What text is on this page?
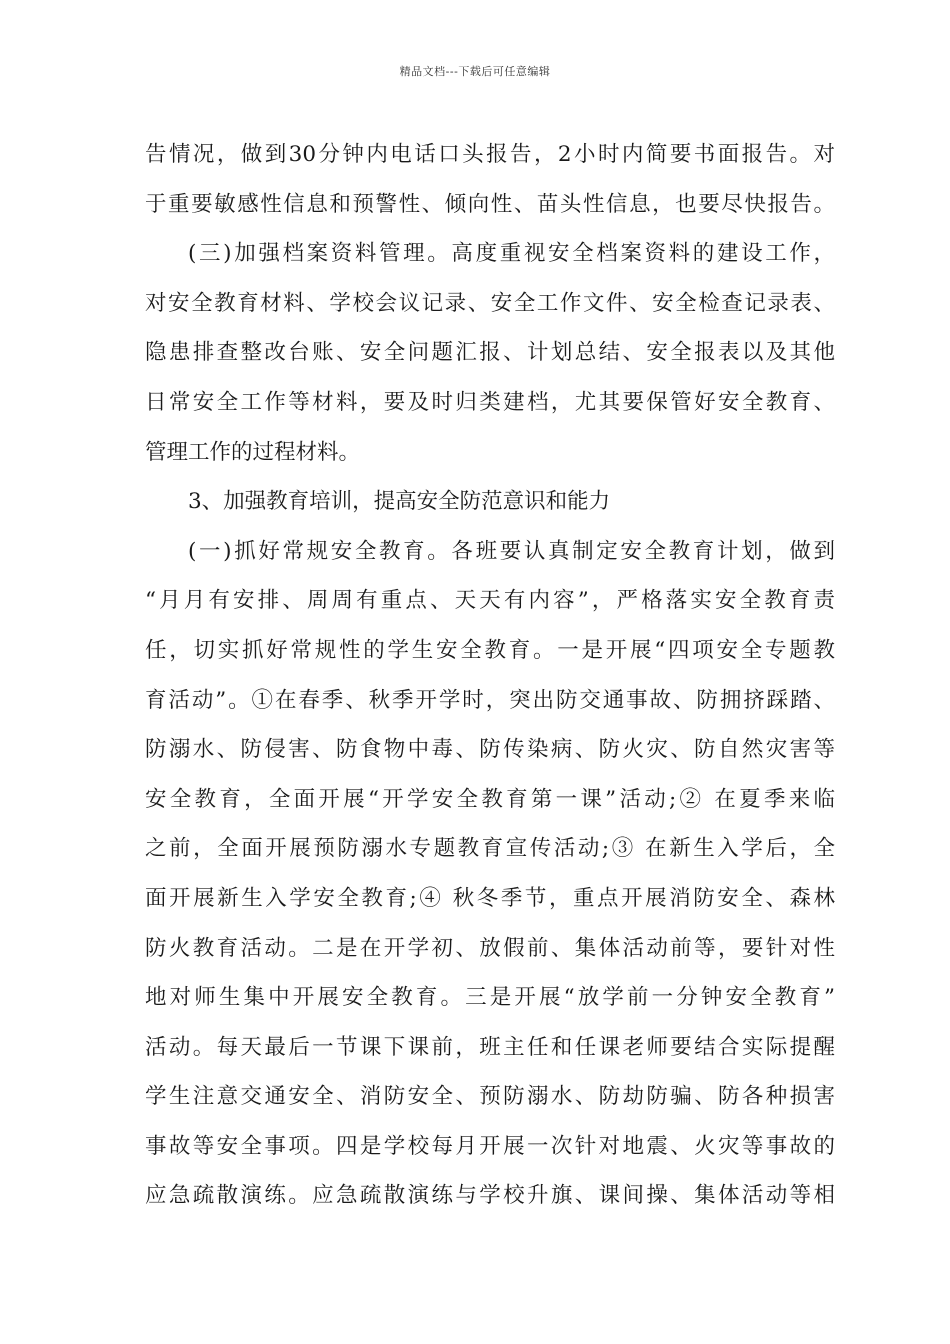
精品文档---下载后可任意编辑
告情况，做到30分钟内电话口头报告，2小时内简要书面报告。对
于重要敏感性信息和预警性、倾向性、苗头性信息，也要尽快报告。
(三)加强档案资料管理。高度重视安全档案资料的建设工作，
对安全教育材料、学校会议记录、安全工作文件、安全检查记录表、
隐患排查整改台账、安全问题汇报、计划总结、安全报表以及其他
日常安全工作等材料，要及时归类建档，尤其要保管好安全教育、
管理工作的过程材料。
3、加强教育培训，提高安全防范意识和能力
(一)抓好常规安全教育。各班要认真制定安全教育计划，做到
“月月有安排、周周有重点、天天有内容”，严格落实安全教育责
任，切实抓好常规性的学生安全教育。一是开展“四项安全专题教
育活动”。①在春季、秋季开学时，突出防交通事故、防拥挤踩踏、
防溺水、防侵害、防食物中毒、防传染病、防火灾、防自然灾害等
安全教育，全面开展“开学安全教育第一课”活动;② 在夏季来临
之前，全面开展预防溺水专题教育宣传活动;③ 在新生入学后，全
面开展新生入学安全教育;④ 秋冬季节，重点开展消防安全、森林
防火教育活动。二是在开学初、放假前、集体活动前等，要针对性
地对师生集中开展安全教育。三是开展“放学前一分钟安全教育”
活动。每天最后一节课下课前，班主任和任课老师要结合实际提醒
学生注意交通安全、消防安全、预防溺水、防劫防骗、防各种损害
事故等安全事项。四是学校每月开展一次针对地震、火灾等事故的
应急疏散演练。应急疏散演练与学校升旗、课间操、集体活动等相
